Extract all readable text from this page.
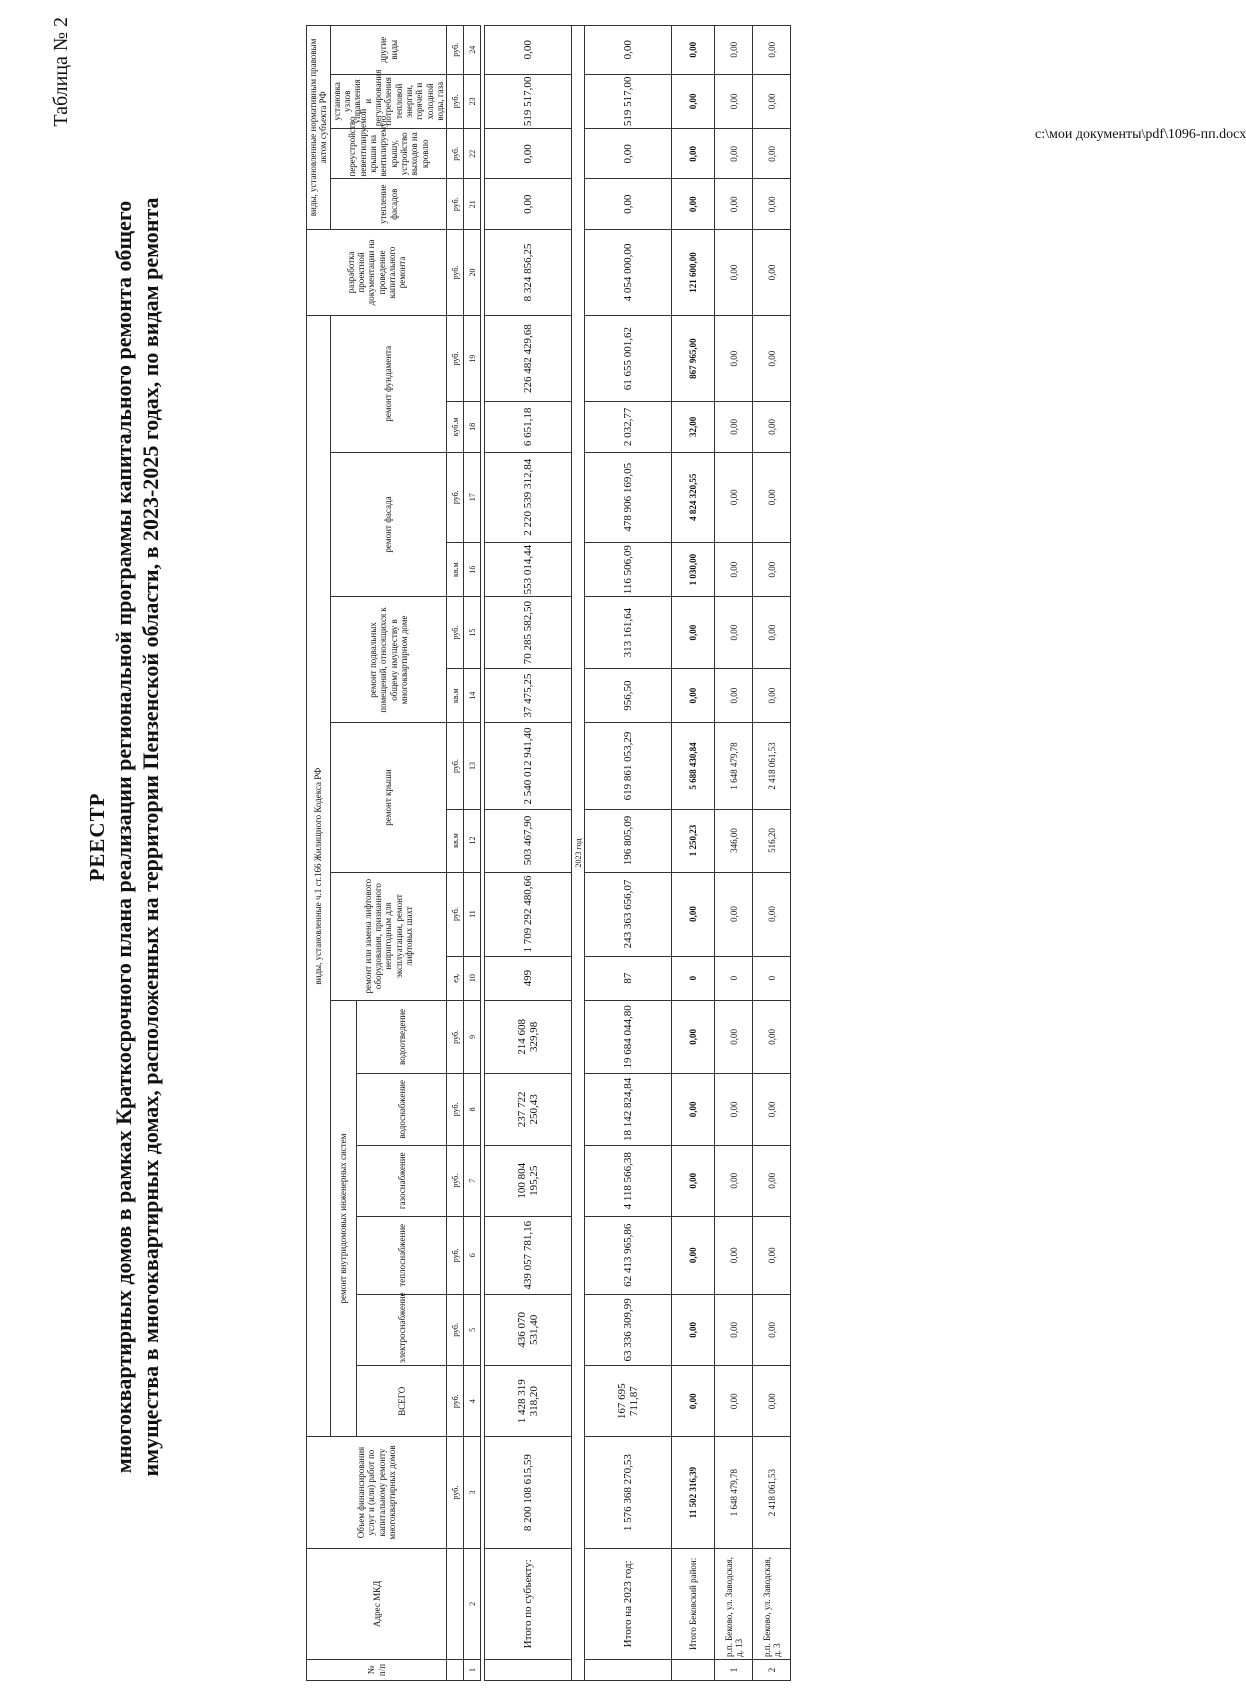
Таблица № 2
РЕЕСТР многоквартирных домов в рамках Краткосрочного плана реализации региональной программы капитального ремонта общего имущества в многоквартирных домах, расположенных на территории Пензенской области, в 2023-2025 годах, по видам ремонта
№ п/п	Адрес МКД	Объем финансирования услуг и (или) работ по капитальному ремонту многоквартирных домов	виды, установленные ч.1 ст.166 Жилищного Кодекса РФ																разработка проектной документации на проведение капитального ремонта	виды, установленные нормативным правовым актом субъекта РФ			
			ремонт внутридомовых инженерных систем						ремонт или замена лифтового оборудования, признанного непригодным для эксплуатации, ремонт лифтовых шахт		ремонт крыши		ремонт подвальных помещений, относящихся к общему имуществу в многоквартирном доме		ремонт фасада		ремонт фундамента			утепление фасадов	переустройство невентилируемой крыши на вентилируемую крышу, устройство выходов на кровлю	установка узлов управления и регулирования потребления тепловой энергии, горячей и холодной воды, газа	другие виды
			ВСЕГО	электроснабжение	теплоснабжение	газоснабжение	водоснабжение	водоотведение															
		руб.	руб.	руб.	руб.	руб.	руб.	руб.	ед.	руб.	кв.м	руб.	кв.м	руб.	кв.м	руб.	куб.м	руб.	руб.	руб.	руб.	руб.	руб.
1	2	3	4	5	6	7	8	9	10	11	12	13	14	15	16	17	18	19	20	21	22	23	24

	Итого по субъекту:	8 200 108 615,59	1 428 319 318,20	436 070 531,40	439 057 781,16	100 804 195,25	237 722 250,43	214 608 329,98	499	1 709 292 480,66	503 467,90	2 540 012 941,40	37 475,25	70 285 582,50	553 014,44	2 220 539 312,84	6 651,18	226 482 429,68	8 324 856,25	0,00	0,00	519 517,00	0,00
2023 год																							
	Итого на 2023 год:	1 576 368 270,53	167 695 711,87	63 336 309,99	62 413 965,86	4 118 566,38	18 142 824,84	19 684 044,80	87	243 363 656,07	196 805,09	619 861 053,29	956,50	313 161,64	116 506,09	478 906 169,05	2 032,77	61 655 001,62	4 054 000,00	0,00	0,00	519 517,00	0,00
	Итого Бековский район:	11 502 316,39	0,00	0,00	0,00	0,00	0,00	0,00	0	0,00	1 250,23	5 688 430,84	0,00	0,00	1 030,00	4 824 320,55	32,00	867 965,00	121 600,00	0,00	0,00	0,00	0,00
1	р.п. Беково, ул. Заводская, д. 13	1 648 479,78	0,00	0,00	0,00	0,00	0,00	0,00	0	0,00	346,00	1 648 479,78	0,00	0,00	0,00	0,00	0,00	0,00	0,00	0,00	0,00	0,00	0,00
2	р.п. Беково, ул. Заводская, д. 3	2 418 061,53	0,00	0,00	0,00	0,00	0,00	0,00	0	0,00	516,20	2 418 061,53	0,00	0,00	0,00	0,00	0,00	0,00	0,00	0,00	0,00	0,00	0,00
c:\мои документы\pdf\1096-пп.docx
